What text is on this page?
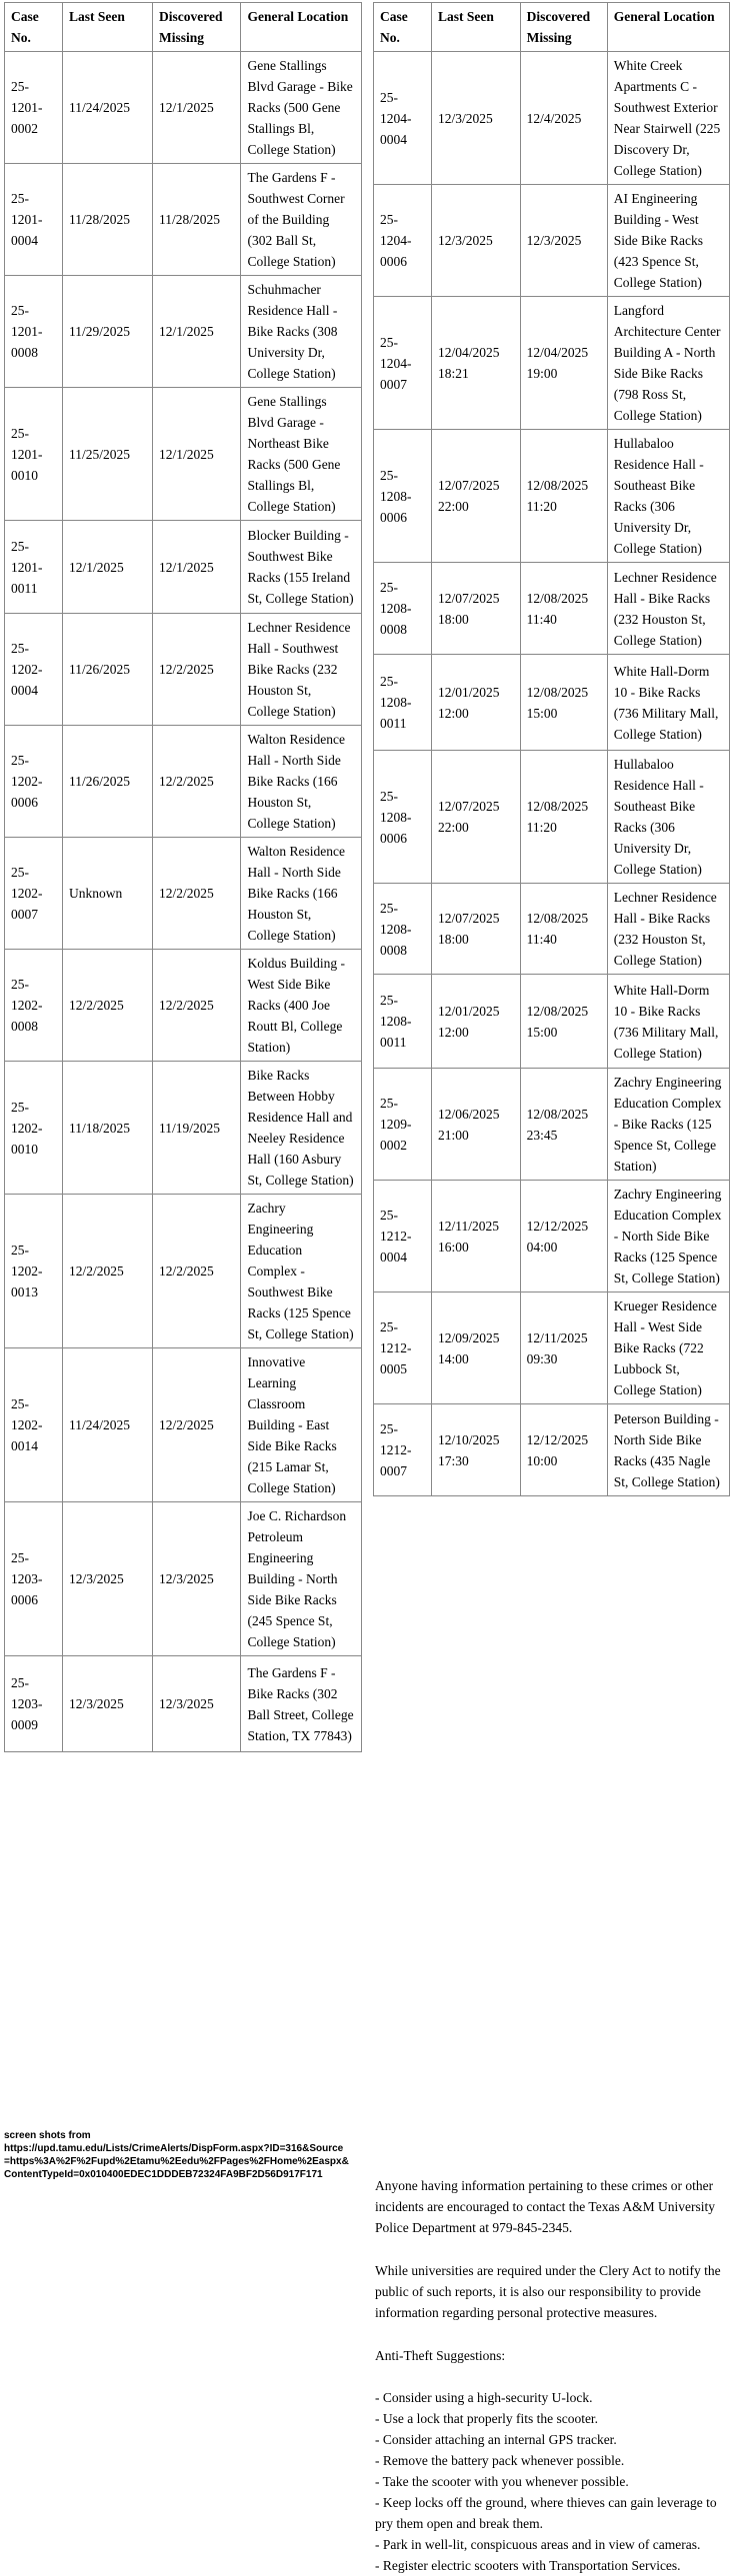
Case No.	Last Seen	Discovered Missing	General Location
25-1201-0002	11/24/2025	12/1/2025	Gene Stallings Blvd Garage - Bike Racks (500 Gene Stallings Bl, College Station)
25-1201-0004	11/28/2025	11/28/2025	The Gardens F - Southwest Corner of the Building (302 Ball St, College Station)
25-1201-0008	11/29/2025	12/1/2025	Schuhmacher Residence Hall - Bike Racks (308 University Dr, College Station)
25-1201-0010	11/25/2025	12/1/2025	Gene Stallings Blvd Garage - Northeast Bike Racks (500 Gene Stallings Bl, College Station)
25-1201-0011	12/1/2025	12/1/2025	Blocker Building - Southwest Bike Racks (155 Ireland St, College Station)
25-1202-0004	11/26/2025	12/2/2025	Lechner Residence Hall - Southwest Bike Racks (232 Houston St, College Station)
25-1202-0006	11/26/2025	12/2/2025	Walton Residence Hall - North Side Bike Racks (166 Houston St, College Station)
25-1202-0007	Unknown	12/2/2025	Walton Residence Hall - North Side Bike Racks (166 Houston St, College Station)
25-1202-0008	12/2/2025	12/2/2025	Koldus Building - West Side Bike Racks (400 Joe Routt Bl, College Station)
25-1202-0010	11/18/2025	11/19/2025	Bike Racks Between Hobby Residence Hall and Neeley Residence Hall (160 Asbury St, College Station)
25-1202-0013	12/2/2025	12/2/2025	Zachry Engineering Education Complex - Southwest Bike Racks (125 Spence St, College Station)
25-1202-0014	11/24/2025	12/2/2025	Innovative Learning Classroom Building - East Side Bike Racks (215 Lamar St, College Station)
25-1203-0006	12/3/2025	12/3/2025	Joe C. Richardson Petroleum Engineering Building - North Side Bike Racks (245 Spence St, College Station)
25-1203-0009	12/3/2025	12/3/2025	The Gardens F - Bike Racks (302 Ball Street, College Station, TX 77843)
Case No.	Last Seen	Discovered Missing	General Location
25-1204-0004	12/3/2025	12/4/2025	White Creek Apartments C - Southwest Exterior Near Stairwell (225 Discovery Dr, College Station)
25-1204-0006	12/3/2025	12/3/2025	AI Engineering Building - West Side Bike Racks (423 Spence St, College Station)
25-1204-0007	12/04/2025 18:21	12/04/2025 19:00	Langford Architecture Center Building A - North Side Bike Racks (798 Ross St, College Station)
25-1208-0006	12/07/2025 22:00	12/08/2025 11:20	Hullabaloo Residence Hall - Southeast Bike Racks (306 University Dr, College Station)
25-1208-0008	12/07/2025 18:00	12/08/2025 11:40	Lechner Residence Hall - Bike Racks (232 Houston St, College Station)
25-1208-0011	12/01/2025 12:00	12/08/2025 15:00	White Hall-Dorm 10 - Bike Racks (736 Military Mall, College Station)
25-1208-0006	12/07/2025 22:00	12/08/2025 11:20	Hullabaloo Residence Hall - Southeast Bike Racks (306 University Dr, College Station)
25-1208-0008	12/07/2025 18:00	12/08/2025 11:40	Lechner Residence Hall - Bike Racks (232 Houston St, College Station)
25-1208-0011	12/01/2025 12:00	12/08/2025 15:00	White Hall-Dorm 10 - Bike Racks (736 Military Mall, College Station)
25-1209-0002	12/06/2025 21:00	12/08/2025 23:45	Zachry Engineering Education Complex - Bike Racks (125 Spence St, College Station)
25-1212-0004	12/11/2025 16:00	12/12/2025 04:00	Zachry Engineering Education Complex - North Side Bike Racks (125 Spence St, College Station)
25-1212-0005	12/09/2025 14:00	12/11/2025 09:30	Krueger Residence Hall - West Side Bike Racks (722 Lubbock St, College Station)
25-1212-0007	12/10/2025 17:30	12/12/2025 10:00	Peterson Building - North Side Bike Racks (435 Nagle St, College Station)

Anyone having information pertaining to these crimes or other incidents are encouraged to contact the Texas A&M University Police Department at 979-845-2345.

While universities are required under the Clery Act to notify the public of such reports, it is also our responsibility to provide information regarding personal protective measures.

Anti-Theft Suggestions:

- Consider using a high-security U-lock.
- Use a lock that properly fits the scooter.
- Consider attaching an internal GPS tracker.
- Remove the battery pack whenever possible.
- Take the scooter with you whenever possible.
- Keep locks off the ground, where thieves can gain leverage to pry them open and break them.
- Park in well-lit, conspicuous areas and in view of cameras.
- Register electric scooters with Transportation Services.
screen shots from
https://upd.tamu.edu/Lists/CrimeAlerts/DispForm.aspx?ID=316&Source=https%3A%2F%2Fupd%2Etamu%2Eedu%2FPages%2FHome%2Easpx&ContentTypeId=0x010400EDEC1DDDEB72324FA9BF2D56D917F171
